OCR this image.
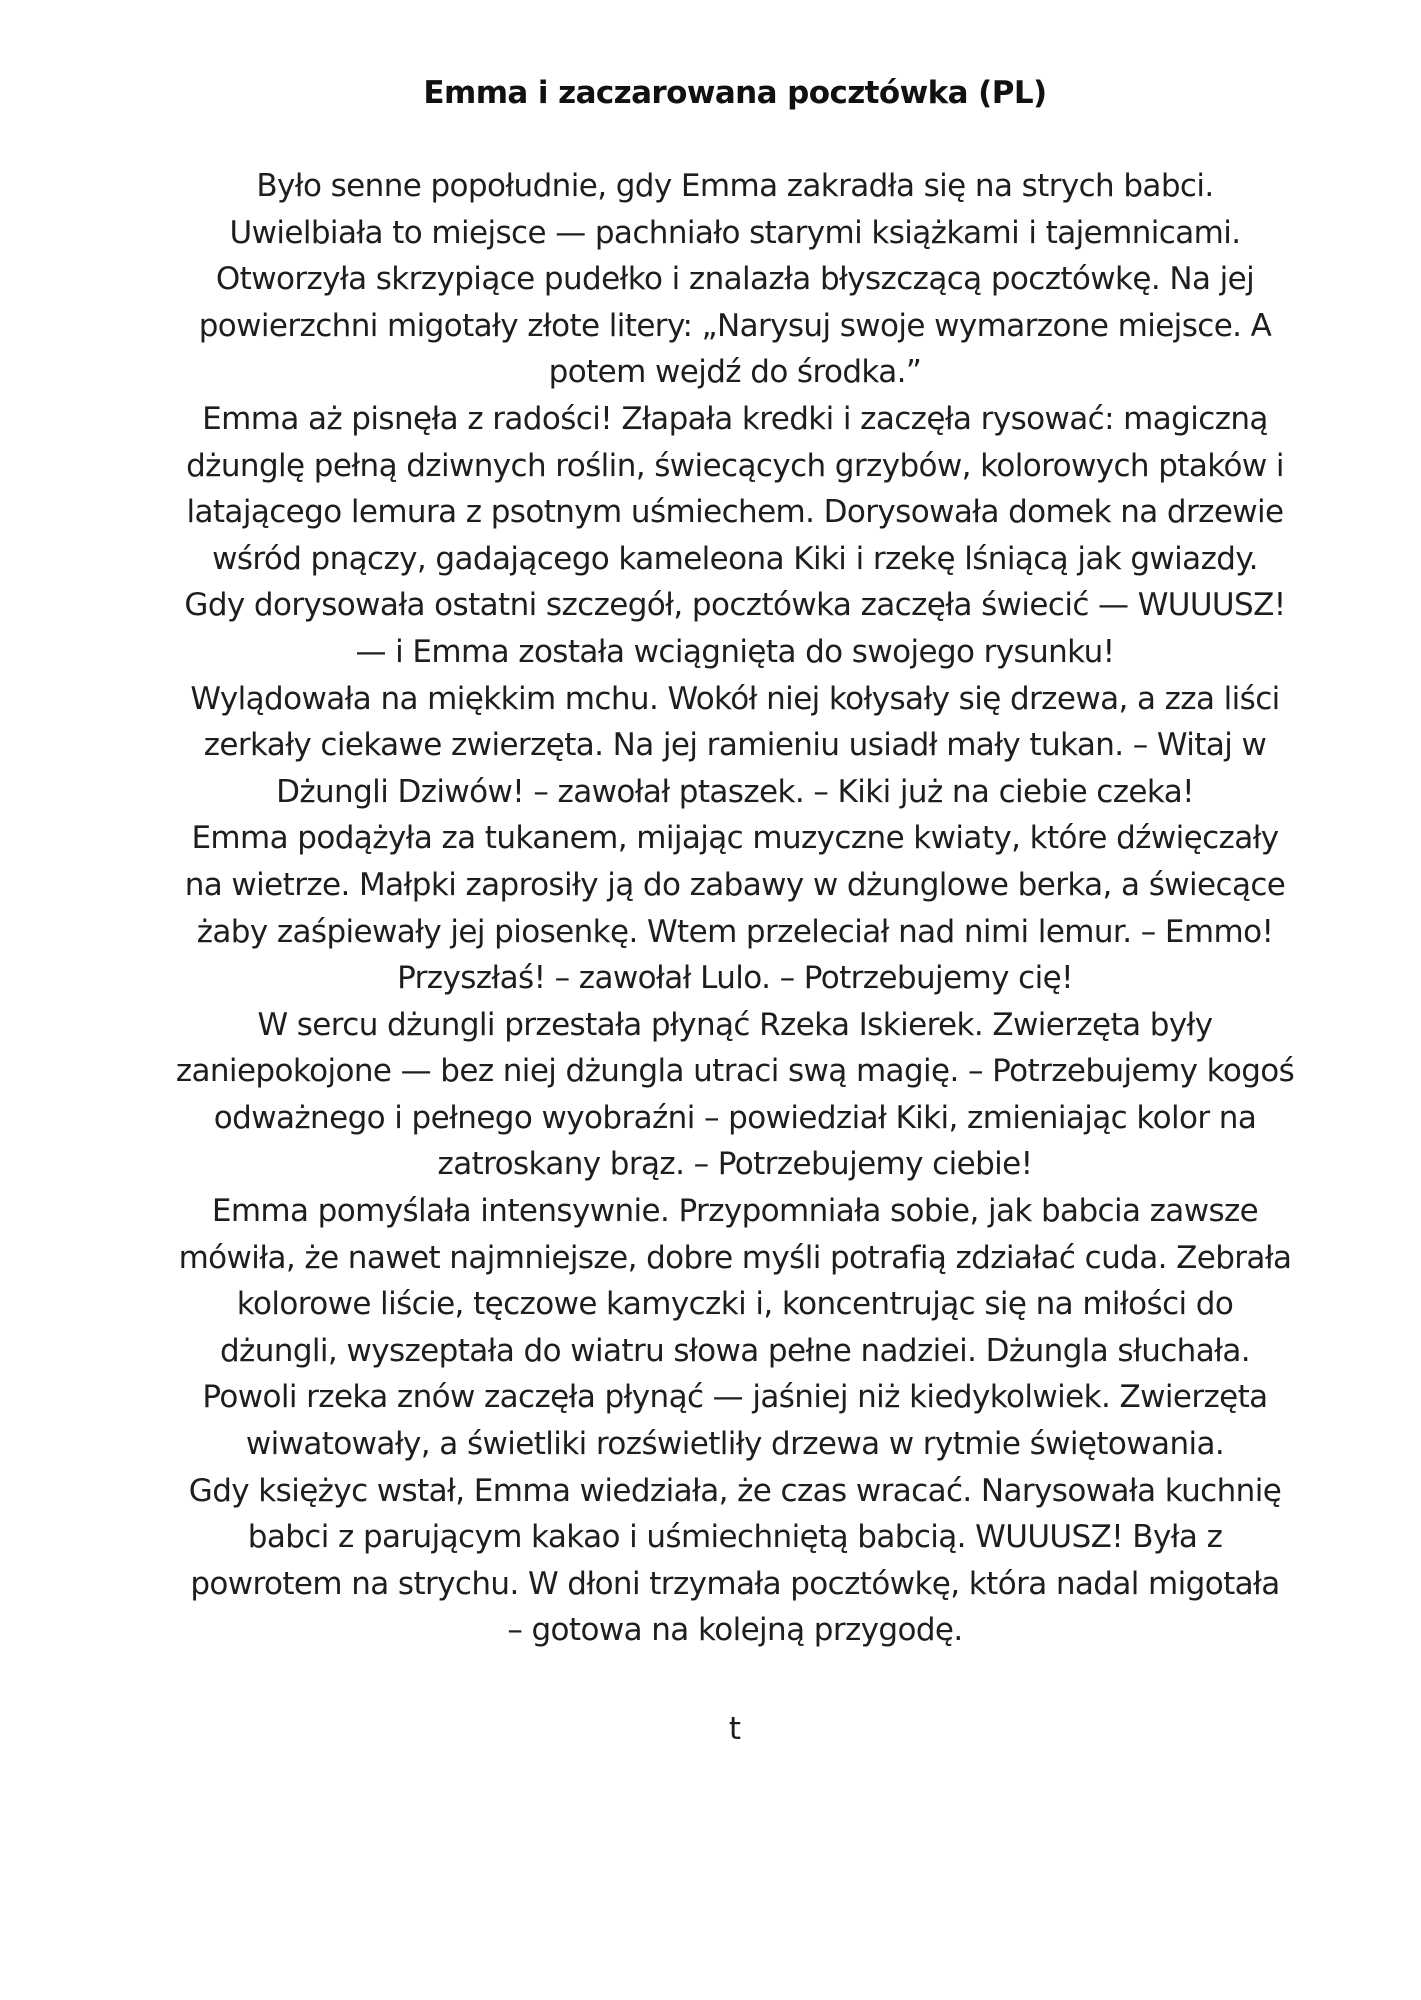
Emma i zaczarowana pocztówka (PL)
Było senne popołudnie, gdy Emma zakradła się na strych babci.
Uwielbiała to miejsce — pachniało starymi książkami i tajemnicami.
Otworzyła skrzypiące pudełko i znalazła błyszczącą pocztówkę. Na jej
powierzchni migotały złote litery: „Narysuj swoje wymarzone miejsce. A
potem wejdź do środka.”
Emma aż pisnęła z radości! Złapała kredki i zaczęła rysować: magiczną
dżunglę pełną dziwnych roślin, świecących grzybów, kolorowych ptaków i
latającego lemura z psotnym uśmiechem. Dorysowała domek na drzewie
wśród pnączy, gadającego kameleona Kiki i rzekę lśniącą jak gwiazdy.
Gdy dorysowała ostatni szczegół, pocztówka zaczęła świecić — WUUUSZ!
— i Emma została wciągnięta do swojego rysunku!
Wylądowała na miękkim mchu. Wokół niej kołysały się drzewa, a zza liści
zerkały ciekawe zwierzęta. Na jej ramieniu usiadł mały tukan. – Witaj w
Dżungli Dziwów! – zawołał ptaszek. – Kiki już na ciebie czeka!
Emma podążyła za tukanem, mijając muzyczne kwiaty, które dźwięczały
na wietrze. Małpki zaprosiły ją do zabawy w dżunglowe berka, a świecące
żaby zaśpiewały jej piosenkę. Wtem przeleciał nad nimi lemur. – Emmo!
Przyszłaś! – zawołał Lulo. – Potrzebujemy cię!
W sercu dżungli przestała płynąć Rzeka Iskierek. Zwierzęta były
zaniepokojone — bez niej dżungla utraci swą magię. – Potrzebujemy kogoś
odważnego i pełnego wyobraźni – powiedział Kiki, zmieniając kolor na
zatroskany brąz. – Potrzebujemy ciebie!
Emma pomyślała intensywnie. Przypomniała sobie, jak babcia zawsze
mówiła, że nawet najmniejsze, dobre myśli potrafią zdziałać cuda. Zebrała
kolorowe liście, tęczowe kamyczki i, koncentrując się na miłości do
dżungli, wyszeptała do wiatru słowa pełne nadziei. Dżungla słuchała.
Powoli rzeka znów zaczęła płynąć — jaśniej niż kiedykolwiek. Zwierzęta
wiwatowały, a świetliki rozświetliły drzewa w rytmie świętowania.
Gdy księżyc wstał, Emma wiedziała, że czas wracać. Narysowała kuchnię
babci z parującym kakao i uśmiechniętą babcią. WUUUSZ! Była z
powrotem na strychu. W dłoni trzymała pocztówkę, która nadal migotała
– gotowa na kolejną przygodę.
t
